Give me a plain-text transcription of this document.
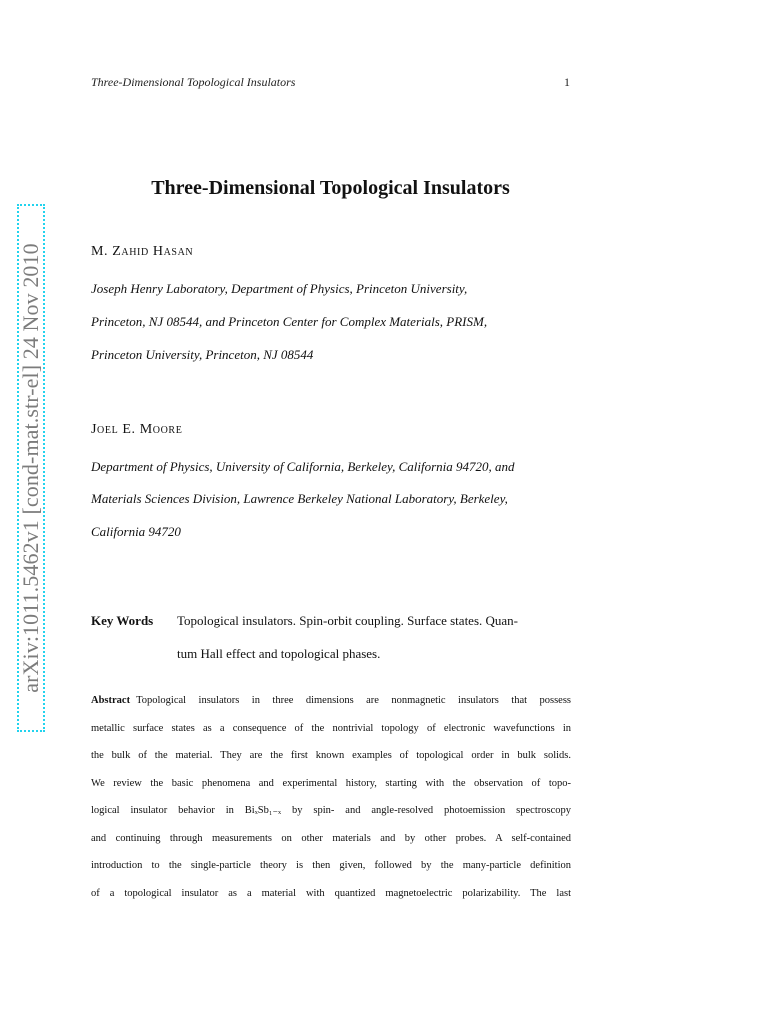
arXiv:1011.5462v1 [cond-mat.str-el] 24 Nov 2010
Three-Dimensional Topological Insulators	1
Three-Dimensional Topological Insulators
M. Zahid Hasan
Joseph Henry Laboratory, Department of Physics, Princeton University,
Princeton, NJ 08544, and Princeton Center for Complex Materials, PRISM,
Princeton University, Princeton, NJ 08544
Joel E. Moore
Department of Physics, University of California, Berkeley, California 94720, and
Materials Sciences Division, Lawrence Berkeley National Laboratory, Berkeley,
California 94720
Key Words Topological insulators. Spin-orbit coupling. Surface states. Quan-
tum Hall effect and topological phases.
Abstract Topological insulators in three dimensions are nonmagnetic insulators that possess
metallic surface states as a consequence of the nontrivial topology of electronic wavefunctions in
the bulk of the material. They are the first known examples of topological order in bulk solids.
We review the basic phenomena and experimental history, starting with the observation of topo-
logical insulator behavior in BiₓSb₁₋ₓ by spin- and angle-resolved photoemission spectroscopy
and continuing through measurements on other materials and by other probes. A self-contained
introduction to the single-particle theory is then given, followed by the many-particle definition
of a topological insulator as a material with quantized magnetoelectric polarizability. The last
